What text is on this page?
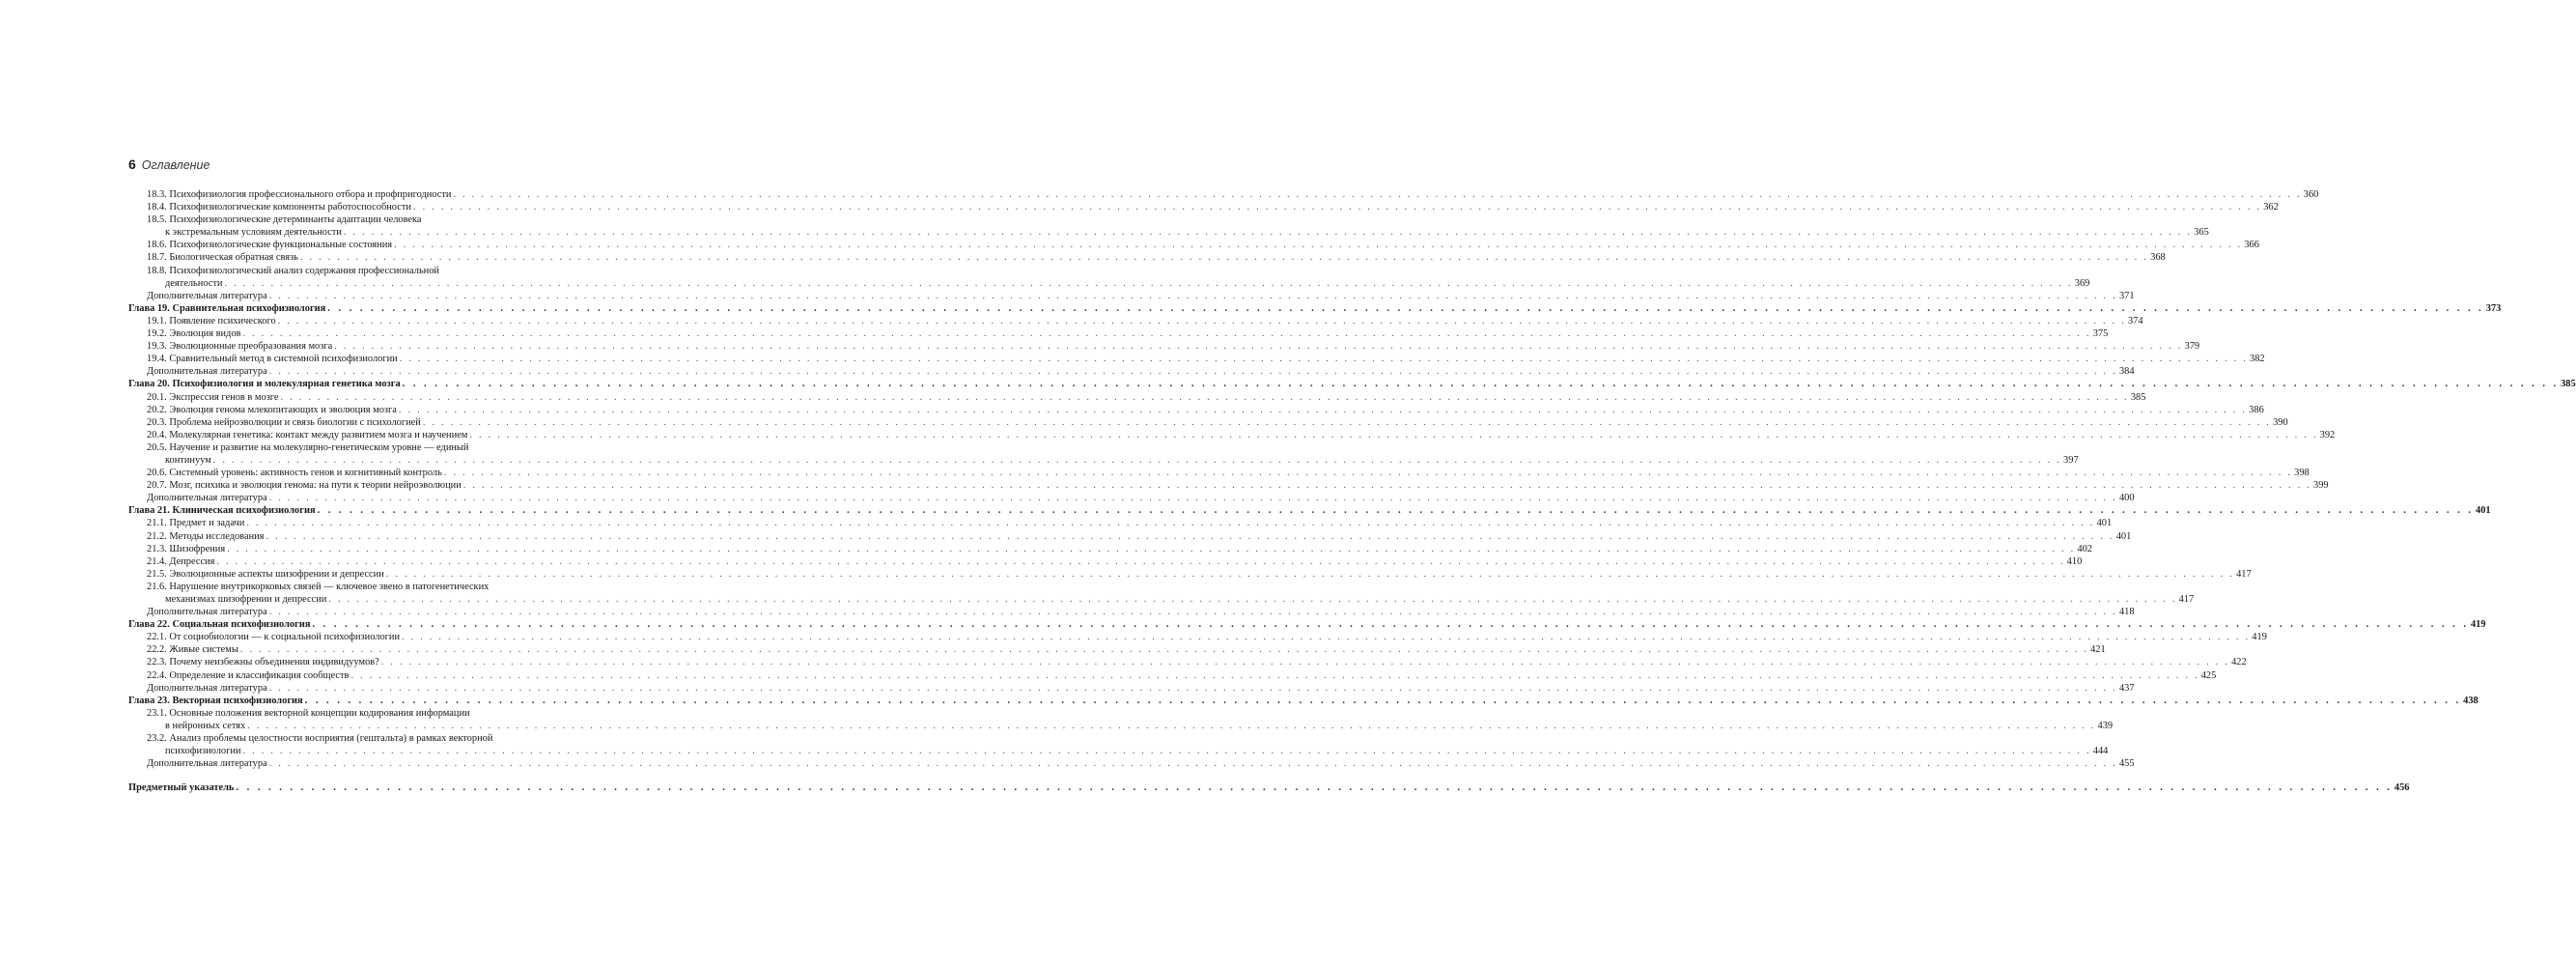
6 Оглавление
18.3. Психофизиология профессионального отбора и профпригодности . . . . . . . . . . . . . . . . . . . . . . . . . . . . . . . . . . . . . . . . . . . . . . . . . . . . . . . . . . . . . . . . . . . . . . . . . . . . . . . . . . . . . . . . . . . . . . . . . . . . . . . . . . . . . . . . . . . . . . . . . . . . . . . . . . . . . . . . . . . . . . . . . . . . . . . . . . . . . . . . . . . . . . . . . . . . . . . . . . . . . . . . . . . . . . . . . . . . . . . . 360
18.4. Психофизиологические компоненты работоспособности . . . . . . . . . . . . . . . . . . . . . . . . . . . . . . . . . . . . . . . . . . . . . . . . . . . . . . . . . . . . . . . . . . . . . . . . . . . . . . . . . . . . . . . . . . . . . . . . . . . . . . . . . . . . . . . . . . . . . . . . . . . . . . . . . . . . . . . . . . . . . . . . . . . . . . . . . . . . . . . . . . . . . . . . . . . . . . . . . . . . . . . . . . . . . . . . . . . . . . . . 362
18.5. Психофизиологические детерминанты адаптации человека
к экстремальным условиям деятельности . . . . . . . . . . . . . . . . . . . . . . . . . . . . . . . . . . . . . . . . . . . . . . . . . . . . . . . . . . . . . . . . . . . . . . . . . . . . . . . . . . . . . . . . . . . . . . . . . . . . . . . . . . . . . . . . . . . . . . . . . . . . . . . . . . . . . . . . . . . . . . . . . . . . . . . . . . . . . . . . . . . . . . . . . . . . . . . . . . . . . . . . . . . . . . . . . . . . . . . . 365
18.6. Психофизиологические функциональные состояния . . . . . . . . . . . . . . . . . . . . . . . . . . . . . . . . . . . . . . . . . . . . . . . . . . . . . . . . . . . . . . . . . . . . . . . . . . . . . . . . . . . . . . . . . . . . . . . . . . . . . . . . . . . . . . . . . . . . . . . . . . . . . . . . . . . . . . . . . . . . . . . . . . . . . . . . . . . . . . . . . . . . . . . . . . . . . . . . . . . . . . . . . . . . . . . . . . . . . . . . 366
18.7. Биологическая обратная связь . . . . . . . . . . . . . . . . . . . . . . . . . . . . . . . . . . . . . . . . . . . . . . . . . . . . . . . . . . . . . . . . . . . . . . . . . . . . . . . . . . . . . . . . . . . . . . . . . . . . . . . . . . . . . . . . . . . . . . . . . . . . . . . . . . . . . . . . . . . . . . . . . . . . . . . . . . . . . . . . . . . . . . . . . . . . . . . . . . . . . . . . . . . . . . . . . . . . . . . . 368
18.8. Психофизиологический анализ содержания профессиональной
деятельности . . . . . . . . . . . . . . . . . . . . . . . . . . . . . . . . . . . . . . . . . . . . . . . . . . . . . . . . . . . . . . . . . . . . . . . . . . . . . . . . . . . . . . . . . . . . . . . . . . . . . . . . . . . . . . . . . . . . . . . . . . . . . . . . . . . . . . . . . . . . . . . . . . . . . . . . . . . . . . . . . . . . . . . . . . . . . . . . . . . . . . . . . . . . . . . . . . . . . . . . 369
Дополнительная литература . . . . . . . . . . . . . . . . . . . . . . . . . . . . . . . . . . . . . . . . . . . . . . . . . . . . . . . . . . . . . . . . . . . . . . . . . . . . . . . . . . . . . . . . . . . . . . . . . . . . . . . . . . . . . . . . . . . . . . . . . . . . . . . . . . . . . . . . . . . . . . . . . . . . . . . . . . . . . . . . . . . . . . . . . . . . . . . . . . . . . . . . . . . . . . . . . . . . . . . . 371
Глава 19. Сравнительная психофизиология . . . . . . . . . . . . . . . . . . . . . . . . . . . . . . . . . . . . . . . . . . . . . . . . . . . . . . . . . . . . . . . . . . . . . . . . . . . . . . . . . . . . . . . . . . . . . . . . . . . . . . . . . . . . . . . . . . . . . . . . . . . . . . . . . . . . . . . . . . . . . . . . . . . . . . . . . . . . . . . . . . . . . . . . . . . . . . . . . . . . . . . . . . . . . . . . . . . . . . . . 373
19.1. Появление психического . . . . . . . . . . . . . . . . . . . . . . . . . . . . . . . . . . . . . . . . . . . . . . . . . . . . . . . . . . . . . . . . . . . . . . . . . . . . . . . . . . . . . . . . . . . . . . . . . . . . . . . . . . . . . . . . . . . . . . . . . . . . . . . . . . . . . . . . . . . . . . . . . . . . . . . . . . . . . . . . . . . . . . . . . . . . . . . . . . . . . . . . . . . . . . . . . . . . . . . . 374
19.2. Эволюция видов . . . . . . . . . . . . . . . . . . . . . . . . . . . . . . . . . . . . . . . . . . . . . . . . . . . . . . . . . . . . . . . . . . . . . . . . . . . . . . . . . . . . . . . . . . . . . . . . . . . . . . . . . . . . . . . . . . . . . . . . . . . . . . . . . . . . . . . . . . . . . . . . . . . . . . . . . . . . . . . . . . . . . . . . . . . . . . . . . . . . . . . . . . . . . . . . . . . . . . . . 375
19.3. Эволюционные преобразования мозга . . . . . . . . . . . . . . . . . . . . . . . . . . . . . . . . . . . . . . . . . . . . . . . . . . . . . . . . . . . . . . . . . . . . . . . . . . . . . . . . . . . . . . . . . . . . . . . . . . . . . . . . . . . . . . . . . . . . . . . . . . . . . . . . . . . . . . . . . . . . . . . . . . . . . . . . . . . . . . . . . . . . . . . . . . . . . . . . . . . . . . . . . . . . . . . . . . . . . . . . 379
19.4. Сравнительный метод в системной психофизиологии . . . . . . . . . . . . . . . . . . . . . . . . . . . . . . . . . . . . . . . . . . . . . . . . . . . . . . . . . . . . . . . . . . . . . . . . . . . . . . . . . . . . . . . . . . . . . . . . . . . . . . . . . . . . . . . . . . . . . . . . . . . . . . . . . . . . . . . . . . . . . . . . . . . . . . . . . . . . . . . . . . . . . . . . . . . . . . . . . . . . . . . . . . . . . . . . . . . . . . . . 382
Дополнительная литература . . . . . . . . . . . . . . . . . . . . . . . . . . . . . . . . . . . . . . . . . . . . . . . . . . . . . . . . . . . . . . . . . . . . . . . . . . . . . . . . . . . . . . . . . . . . . . . . . . . . . . . . . . . . . . . . . . . . . . . . . . . . . . . . . . . . . . . . . . . . . . . . . . . . . . . . . . . . . . . . . . . . . . . . . . . . . . . . . . . . . . . . . . . . . . . . . . . . . . . . 384
Глава 20. Психофизиология и молекулярная генетика мозга . . . . . . . . . . . . . . . . . . . . . . . . . . . . . . . . . . . . . . . . . . . . . . . . . . . . . . . . . . . . . . . . . . . . . . . . . . . . . . . . . . . . . . . . . . . . . . . . . . . . . . . . . . . . . . . . . . . . . . . . . . . . . . . . . . . . . . . . . . . . . . . . . . . . . . . . . . . . . . . . . . . . . . . . . . . . . . . . . . . . . . . . . . . . . . . . . . . . . . . . 385
20.1. Экспрессия генов в мозге . . . . . . . . . . . . . . . . . . . . . . . . . . . . . . . . . . . . . . . . . . . . . . . . . . . . . . . . . . . . . . . . . . . . . . . . . . . . . . . . . . . . . . . . . . . . . . . . . . . . . . . . . . . . . . . . . . . . . . . . . . . . . . . . . . . . . . . . . . . . . . . . . . . . . . . . . . . . . . . . . . . . . . . . . . . . . . . . . . . . . . . . . . . . . . . . . . . . . . . . 385
20.2. Эволюция генома млекопитающих и эволюция мозга . . . . . . . . . . . . . . . . . . . . . . . . . . . . . . . . . . . . . . . . . . . . . . . . . . . . . . . . . . . . . . . . . . . . . . . . . . . . . . . . . . . . . . . . . . . . . . . . . . . . . . . . . . . . . . . . . . . . . . . . . . . . . . . . . . . . . . . . . . . . . . . . . . . . . . . . . . . . . . . . . . . . . . . . . . . . . . . . . . . . . . . . . . . . . . . . . . . . . . . . 386
20.3. Проблема нейроэволюции и связь биологии с психологией . . . . . . . . . . . . . . . . . . . . . . . . . . . . . . . . . . . . . . . . . . . . . . . . . . . . . . . . . . . . . . . . . . . . . . . . . . . . . . . . . . . . . . . . . . . . . . . . . . . . . . . . . . . . . . . . . . . . . . . . . . . . . . . . . . . . . . . . . . . . . . . . . . . . . . . . . . . . . . . . . . . . . . . . . . . . . . . . . . . . . . . . . . . . . . . . . . . . . . . . 390
20.4. Молекулярная генетика: контакт между развитием мозга и научением . . . . . . . . . . . . . . . . . . . . . . . . . . . . . . . . . . . . . . . . . . . . . . . . . . . . . . . . . . . . . . . . . . . . . . . . . . . . . . . . . . . . . . . . . . . . . . . . . . . . . . . . . . . . . . . . . . . . . . . . . . . . . . . . . . . . . . . . . . . . . . . . . . . . . . . . . . . . . . . . . . . . . . . . . . . . . . . . . . . . . . . . . . . . . . . . . . . . . . . . 392
20.5. Научение и развитие на молекулярно-генетическом уровне — единый
континуум . . . . . . . . . . . . . . . . . . . . . . . . . . . . . . . . . . . . . . . . . . . . . . . . . . . . . . . . . . . . . . . . . . . . . . . . . . . . . . . . . . . . . . . . . . . . . . . . . . . . . . . . . . . . . . . . . . . . . . . . . . . . . . . . . . . . . . . . . . . . . . . . . . . . . . . . . . . . . . . . . . . . . . . . . . . . . . . . . . . . . . . . . . . . . . . . . . . . . . . . 397
20.6. Системный уровень: активность генов и когнитивный контроль . . . . . . . . . . . . . . . . . . . . . . . . . . . . . . . . . . . . . . . . . . . . . . . . . . . . . . . . . . . . . . . . . . . . . . . . . . . . . . . . . . . . . . . . . . . . . . . . . . . . . . . . . . . . . . . . . . . . . . . . . . . . . . . . . . . . . . . . . . . . . . . . . . . . . . . . . . . . . . . . . . . . . . . . . . . . . . . . . . . . . . . . . . . . . . . . . . . . . . . . 398
20.7. Мозг, психика и эволюция генома: на пути к теории нейроэволюции . . . . . . . . . . . . . . . . . . . . . . . . . . . . . . . . . . . . . . . . . . . . . . . . . . . . . . . . . . . . . . . . . . . . . . . . . . . . . . . . . . . . . . . . . . . . . . . . . . . . . . . . . . . . . . . . . . . . . . . . . . . . . . . . . . . . . . . . . . . . . . . . . . . . . . . . . . . . . . . . . . . . . . . . . . . . . . . . . . . . . . . . . . . . . . . . . . . . . . . . 399
Дополнительная литература . . . . . . . . . . . . . . . . . . . . . . . . . . . . . . . . . . . . . . . . . . . . . . . . . . . . . . . . . . . . . . . . . . . . . . . . . . . . . . . . . . . . . . . . . . . . . . . . . . . . . . . . . . . . . . . . . . . . . . . . . . . . . . . . . . . . . . . . . . . . . . . . . . . . . . . . . . . . . . . . . . . . . . . . . . . . . . . . . . . . . . . . . . . . . . . . . . . . . . . . 400
Глава 21. Клиническая психофизиология . . . . . . . . . . . . . . . . . . . . . . . . . . . . . . . . . . . . . . . . . . . . . . . . . . . . . . . . . . . . . . . . . . . . . . . . . . . . . . . . . . . . . . . . . . . . . . . . . . . . . . . . . . . . . . . . . . . . . . . . . . . . . . . . . . . . . . . . . . . . . . . . . . . . . . . . . . . . . . . . . . . . . . . . . . . . . . . . . . . . . . . . . . . . . . . . . . . . . . . . 401
21.1. Предмет и задачи . . . . . . . . . . . . . . . . . . . . . . . . . . . . . . . . . . . . . . . . . . . . . . . . . . . . . . . . . . . . . . . . . . . . . . . . . . . . . . . . . . . . . . . . . . . . . . . . . . . . . . . . . . . . . . . . . . . . . . . . . . . . . . . . . . . . . . . . . . . . . . . . . . . . . . . . . . . . . . . . . . . . . . . . . . . . . . . . . . . . . . . . . . . . . . . . . . . . . . . . 401
21.2. Методы исследования . . . . . . . . . . . . . . . . . . . . . . . . . . . . . . . . . . . . . . . . . . . . . . . . . . . . . . . . . . . . . . . . . . . . . . . . . . . . . . . . . . . . . . . . . . . . . . . . . . . . . . . . . . . . . . . . . . . . . . . . . . . . . . . . . . . . . . . . . . . . . . . . . . . . . . . . . . . . . . . . . . . . . . . . . . . . . . . . . . . . . . . . . . . . . . . . . . . . . . . . 401
21.3. Шизофрения . . . . . . . . . . . . . . . . . . . . . . . . . . . . . . . . . . . . . . . . . . . . . . . . . . . . . . . . . . . . . . . . . . . . . . . . . . . . . . . . . . . . . . . . . . . . . . . . . . . . . . . . . . . . . . . . . . . . . . . . . . . . . . . . . . . . . . . . . . . . . . . . . . . . . . . . . . . . . . . . . . . . . . . . . . . . . . . . . . . . . . . . . . . . . . . . . . . . . . . . 402
21.4. Депрессия . . . . . . . . . . . . . . . . . . . . . . . . . . . . . . . . . . . . . . . . . . . . . . . . . . . . . . . . . . . . . . . . . . . . . . . . . . . . . . . . . . . . . . . . . . . . . . . . . . . . . . . . . . . . . . . . . . . . . . . . . . . . . . . . . . . . . . . . . . . . . . . . . . . . . . . . . . . . . . . . . . . . . . . . . . . . . . . . . . . . . . . . . . . . . . . . . . . . . . . . 410
21.5. Эволюционные аспекты шизофрении и депрессии . . . . . . . . . . . . . . . . . . . . . . . . . . . . . . . . . . . . . . . . . . . . . . . . . . . . . . . . . . . . . . . . . . . . . . . . . . . . . . . . . . . . . . . . . . . . . . . . . . . . . . . . . . . . . . . . . . . . . . . . . . . . . . . . . . . . . . . . . . . . . . . . . . . . . . . . . . . . . . . . . . . . . . . . . . . . . . . . . . . . . . . . . . . . . . . . . . . . . . . . 417
21.6. Нарушение внутрикорковых связей — ключевое звено в патогенетических
механизмах шизофрении и депрессии . . . . . . . . . . . . . . . . . . . . . . . . . . . . . . . . . . . . . . . . . . . . . . . . . . . . . . . . . . . . . . . . . . . . . . . . . . . . . . . . . . . . . . . . . . . . . . . . . . . . . . . . . . . . . . . . . . . . . . . . . . . . . . . . . . . . . . . . . . . . . . . . . . . . . . . . . . . . . . . . . . . . . . . . . . . . . . . . . . . . . . . . . . . . . . . . . . . . . . . . 417
Дополнительная литература . . . . . . . . . . . . . . . . . . . . . . . . . . . . . . . . . . . . . . . . . . . . . . . . . . . . . . . . . . . . . . . . . . . . . . . . . . . . . . . . . . . . . . . . . . . . . . . . . . . . . . . . . . . . . . . . . . . . . . . . . . . . . . . . . . . . . . . . . . . . . . . . . . . . . . . . . . . . . . . . . . . . . . . . . . . . . . . . . . . . . . . . . . . . . . . . . . . . . . . . 418
Глава 22. Социальная психофизиология . . . . . . . . . . . . . . . . . . . . . . . . . . . . . . . . . . . . . . . . . . . . . . . . . . . . . . . . . . . . . . . . . . . . . . . . . . . . . . . . . . . . . . . . . . . . . . . . . . . . . . . . . . . . . . . . . . . . . . . . . . . . . . . . . . . . . . . . . . . . . . . . . . . . . . . . . . . . . . . . . . . . . . . . . . . . . . . . . . . . . . . . . . . . . . . . . . . . . . . . 419
22.1. От социобиологии — к социальной психофизиологии . . . . . . . . . . . . . . . . . . . . . . . . . . . . . . . . . . . . . . . . . . . . . . . . . . . . . . . . . . . . . . . . . . . . . . . . . . . . . . . . . . . . . . . . . . . . . . . . . . . . . . . . . . . . . . . . . . . . . . . . . . . . . . . . . . . . . . . . . . . . . . . . . . . . . . . . . . . . . . . . . . . . . . . . . . . . . . . . . . . . . . . . . . . . . . . . . . . . . . . . 419
22.2. Живые системы . . . . . . . . . . . . . . . . . . . . . . . . . . . . . . . . . . . . . . . . . . . . . . . . . . . . . . . . . . . . . . . . . . . . . . . . . . . . . . . . . . . . . . . . . . . . . . . . . . . . . . . . . . . . . . . . . . . . . . . . . . . . . . . . . . . . . . . . . . . . . . . . . . . . . . . . . . . . . . . . . . . . . . . . . . . . . . . . . . . . . . . . . . . . . . . . . . . . . . . . 421
22.3. Почему неизбежны объединения индивидуумов? . . . . . . . . . . . . . . . . . . . . . . . . . . . . . . . . . . . . . . . . . . . . . . . . . . . . . . . . . . . . . . . . . . . . . . . . . . . . . . . . . . . . . . . . . . . . . . . . . . . . . . . . . . . . . . . . . . . . . . . . . . . . . . . . . . . . . . . . . . . . . . . . . . . . . . . . . . . . . . . . . . . . . . . . . . . . . . . . . . . . . . . . . . . . . . . . . . . . . . . . 422
22.4. Определение и классификация сообществ . . . . . . . . . . . . . . . . . . . . . . . . . . . . . . . . . . . . . . . . . . . . . . . . . . . . . . . . . . . . . . . . . . . . . . . . . . . . . . . . . . . . . . . . . . . . . . . . . . . . . . . . . . . . . . . . . . . . . . . . . . . . . . . . . . . . . . . . . . . . . . . . . . . . . . . . . . . . . . . . . . . . . . . . . . . . . . . . . . . . . . . . . . . . . . . . . . . . . . . . 425
Дополнительная литература . . . . . . . . . . . . . . . . . . . . . . . . . . . . . . . . . . . . . . . . . . . . . . . . . . . . . . . . . . . . . . . . . . . . . . . . . . . . . . . . . . . . . . . . . . . . . . . . . . . . . . . . . . . . . . . . . . . . . . . . . . . . . . . . . . . . . . . . . . . . . . . . . . . . . . . . . . . . . . . . . . . . . . . . . . . . . . . . . . . . . . . . . . . . . . . . . . . . . . . . 437
Глава 23. Векторная психофизиология . . . . . . . . . . . . . . . . . . . . . . . . . . . . . . . . . . . . . . . . . . . . . . . . . . . . . . . . . . . . . . . . . . . . . . . . . . . . . . . . . . . . . . . . . . . . . . . . . . . . . . . . . . . . . . . . . . . . . . . . . . . . . . . . . . . . . . . . . . . . . . . . . . . . . . . . . . . . . . . . . . . . . . . . . . . . . . . . . . . . . . . . . . . . . . . . . . . . . . . . 438
23.1. Основные положения векторной концепции кодирования информации
в нейронных сетях . . . . . . . . . . . . . . . . . . . . . . . . . . . . . . . . . . . . . . . . . . . . . . . . . . . . . . . . . . . . . . . . . . . . . . . . . . . . . . . . . . . . . . . . . . . . . . . . . . . . . . . . . . . . . . . . . . . . . . . . . . . . . . . . . . . . . . . . . . . . . . . . . . . . . . . . . . . . . . . . . . . . . . . . . . . . . . . . . . . . . . . . . . . . . . . . . . . . . . . . 439
23.2. Анализ проблемы целостности восприятия (гештальта) в рамках векторной
психофизиологии . . . . . . . . . . . . . . . . . . . . . . . . . . . . . . . . . . . . . . . . . . . . . . . . . . . . . . . . . . . . . . . . . . . . . . . . . . . . . . . . . . . . . . . . . . . . . . . . . . . . . . . . . . . . . . . . . . . . . . . . . . . . . . . . . . . . . . . . . . . . . . . . . . . . . . . . . . . . . . . . . . . . . . . . . . . . . . . . . . . . . . . . . . . . . . . . . . . . . . . . 444
Дополнительная литература . . . . . . . . . . . . . . . . . . . . . . . . . . . . . . . . . . . . . . . . . . . . . . . . . . . . . . . . . . . . . . . . . . . . . . . . . . . . . . . . . . . . . . . . . . . . . . . . . . . . . . . . . . . . . . . . . . . . . . . . . . . . . . . . . . . . . . . . . . . . . . . . . . . . . . . . . . . . . . . . . . . . . . . . . . . . . . . . . . . . . . . . . . . . . . . . . . . . . . . . 455
Предметный указатель . . . . . . . . . . . . . . . . . . . . . . . . . . . . . . . . . . . . . . . . . . . . . . . . . . . . . . . . . . . . . . . . . . . . . . . . . . . . . . . . . . . . . . . . . . . . . . . . . . . . . . . . . . . . . . . . . . . . . . . . . . . . . . . . . . . . . . . . . . . . . . . . . . . . . . . . . . . . . . . . . . . . . . . . . . . . . . . . . . . . . . . . . . . . . . . . . . . . . . . . 456
